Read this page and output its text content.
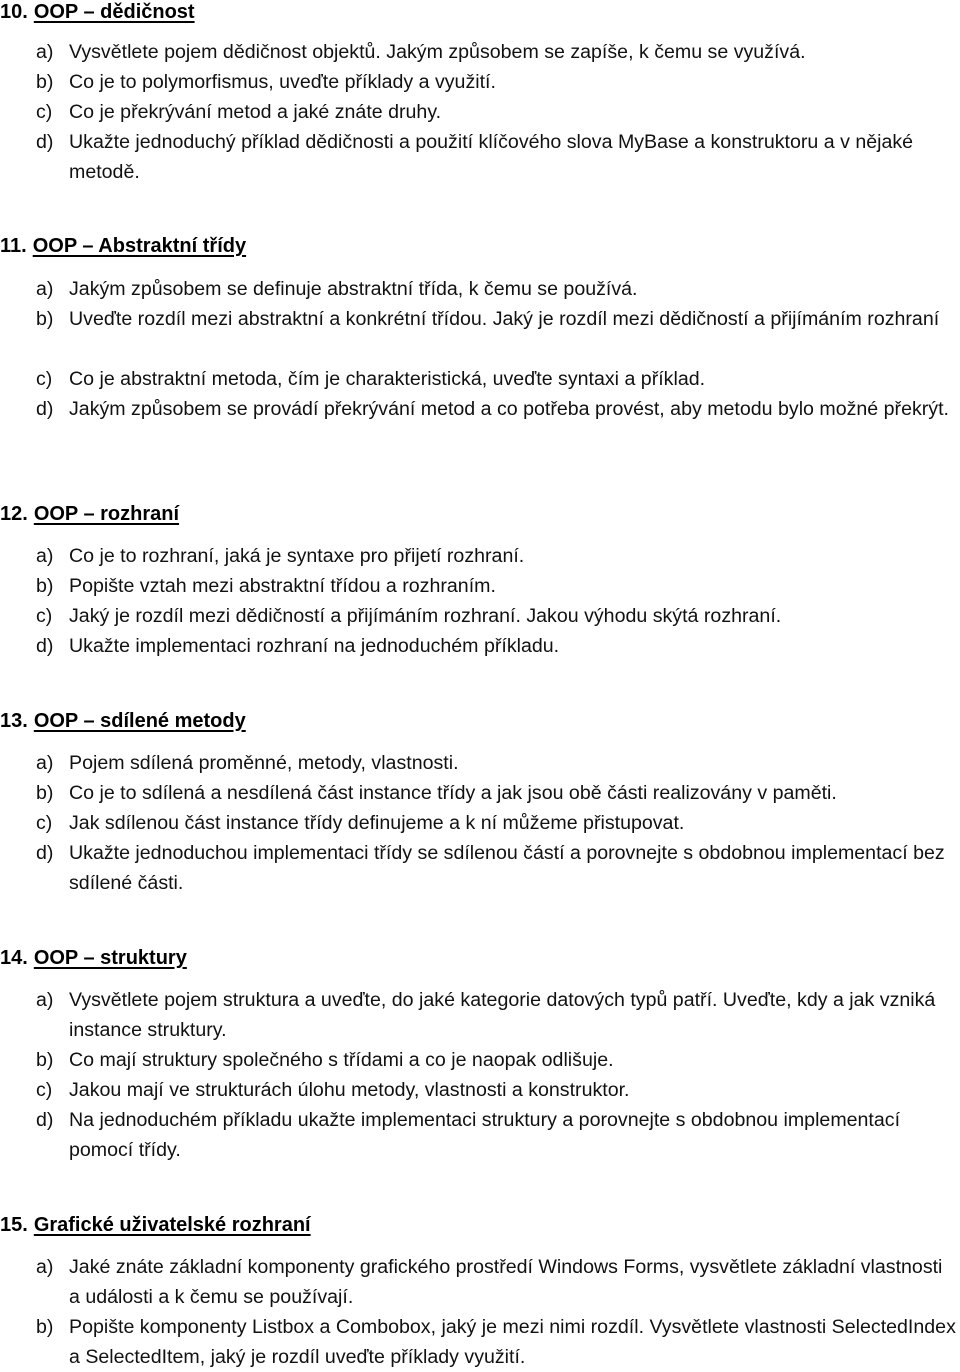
10. OOP – dědičnost
a) Vysvětlete pojem dědičnost objektů. Jakým způsobem se zapíše, k čemu se využívá.
b) Co je to polymorfismus, uveďte příklady a využití.
c) Co je překrývání metod a jaké znáte druhy.
d) Ukažte jednoduchý příklad dědičnosti a použití klíčového slova MyBase a konstruktoru a v nějaké metodě.
11. OOP – Abstraktní třídy
a) Jakým způsobem se definuje abstraktní třída, k čemu se používá.
b) Uveďte rozdíl mezi abstraktní a konkrétní třídou. Jaký je rozdíl mezi dědičností a přijímáním rozhraní
c) Co je abstraktní metoda, čím je charakteristická, uveďte syntaxi a příklad.
d) Jakým způsobem se provádí překrývání metod a co potřeba provést, aby metodu bylo možné překrýt.
12. OOP – rozhraní
a) Co je to rozhraní, jaká je syntaxe pro přijetí rozhraní.
b) Popište vztah mezi abstraktní třídou a rozhraním.
c) Jaký je rozdíl mezi dědičností a přijímáním rozhraní. Jakou výhodu skýtá rozhraní.
d) Ukažte implementaci rozhraní na jednoduchém příkladu.
13. OOP – sdílené metody
a) Pojem sdílená proměnné, metody, vlastnosti.
b) Co je to sdílená a nesdílená část instance třídy a jak jsou obě části realizovány v paměti.
c) Jak sdílenou část instance třídy definujeme a k ní můžeme přistupovat.
d) Ukažte jednoduchou implementaci třídy se sdílenou částí a porovnejte s obdobnou implementací bez sdílené části.
14. OOP – struktury
a) Vysvětlete pojem struktura a uveďte, do jaké kategorie datových typů patří. Uveďte, kdy a jak vzniká instance struktury.
b) Co mají struktury společného s třídami a co je naopak odlišuje.
c) Jakou mají ve strukturách úlohu metody, vlastnosti a konstruktor.
d) Na jednoduchém příkladu ukažte implementaci struktury a porovnejte s obdobnou implementací pomocí třídy.
15. Grafické uživatelské rozhraní
a) Jaké znáte základní komponenty grafického prostředí Windows Forms, vysvětlete základní vlastnosti a události a k čemu se používají.
b) Popište komponenty Listbox a Combobox, jaký je mezi nimi rozdíl. Vysvětlete vlastnosti SelectedIndex a SelectedItem, jaký je rozdíl uveďte příklady využití.
